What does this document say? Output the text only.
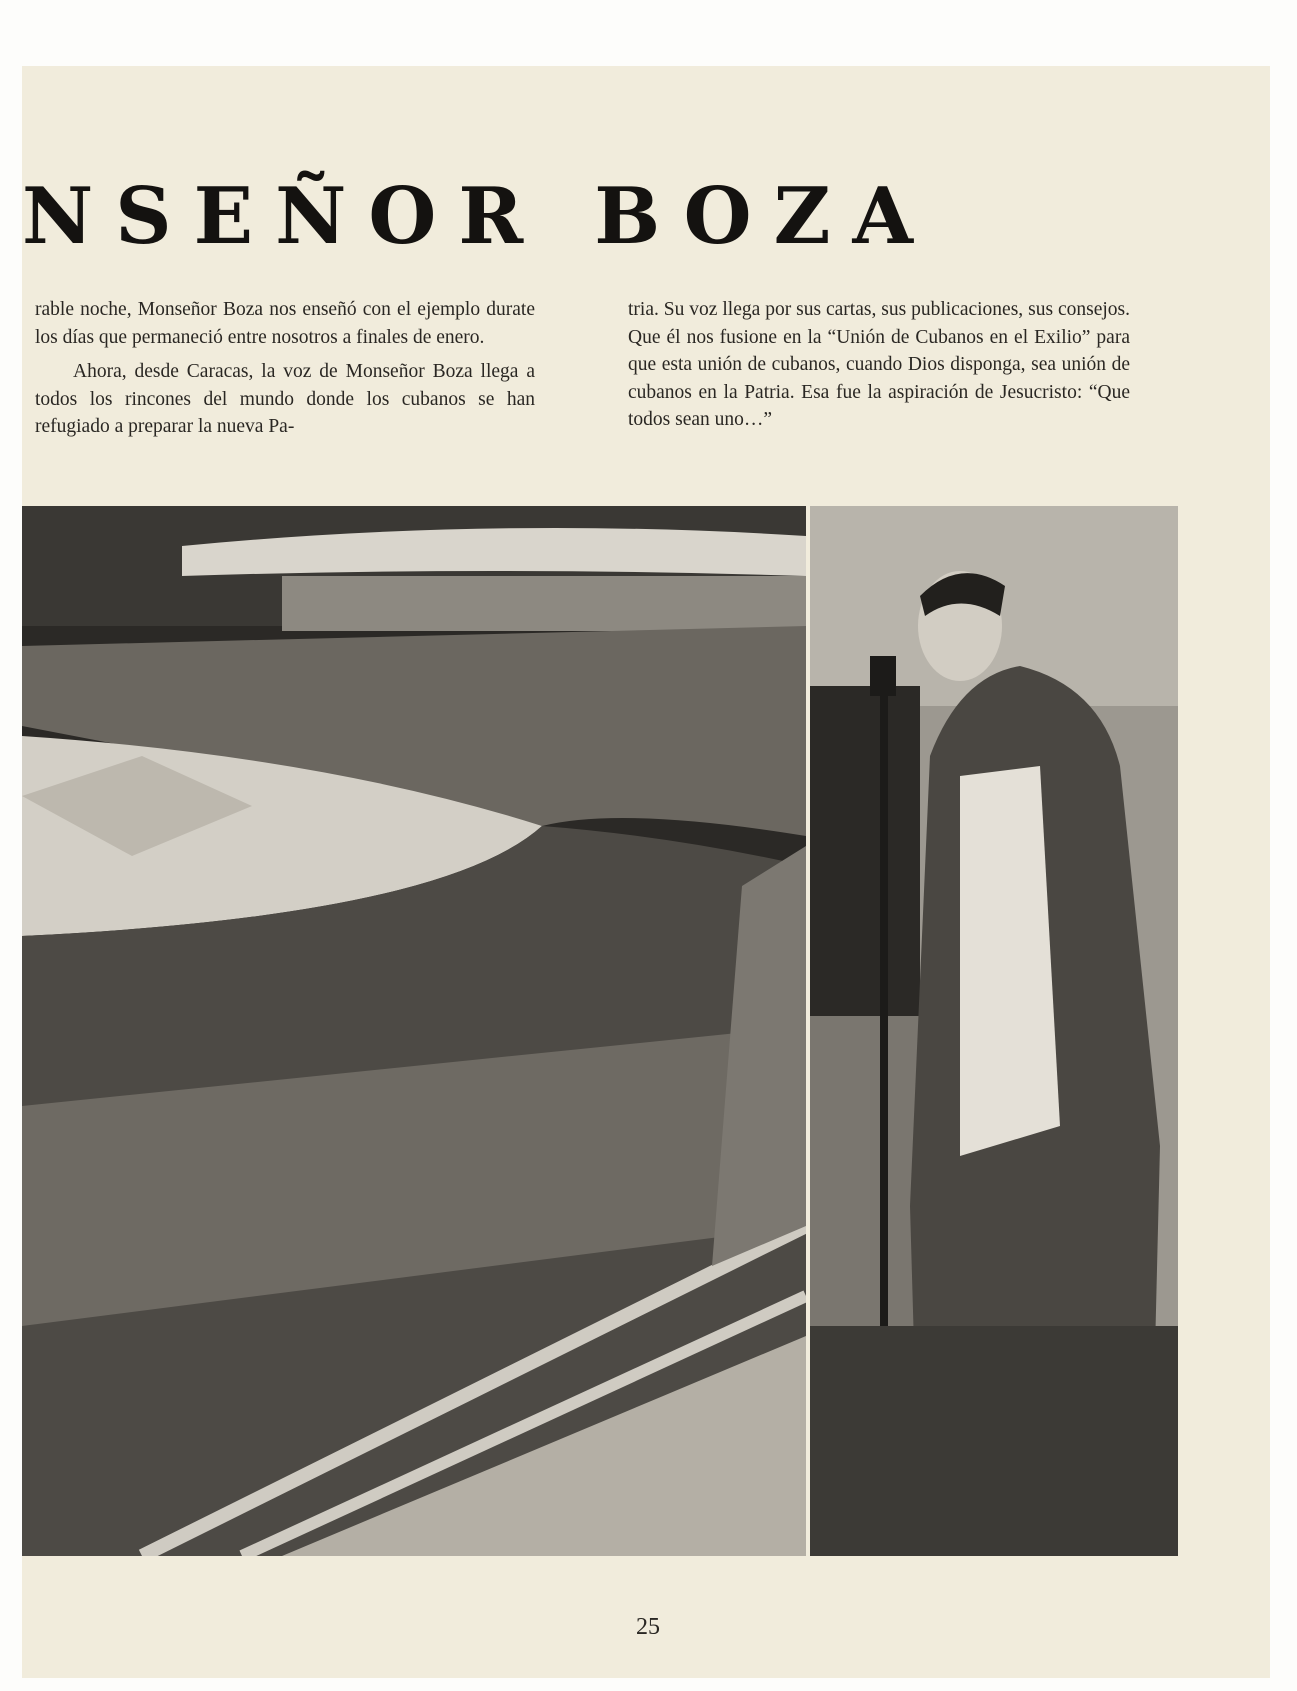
NSEÑOR BOZA

rable noche, Monseñor Boza nos enseñó con el ejemplo durate los días que permaneció entre nosotros a finales de enero.

Ahora, desde Caracas, la voz de Monseñor Boza llega a todos los rincones del mundo donde los cubanos se han refugiado a preparar la nueva Pa-

tria. Su voz llega por sus cartas, sus publicaciones, sus consejos. Que él nos fusione en la “Unión de Cubanos en el Exilio” para que esta unión de cubanos, cuando Dios disponga, sea unión de cubanos en la Patria. Esa fue la aspiración de Jesucristo: “Que todos sean uno…”

25
